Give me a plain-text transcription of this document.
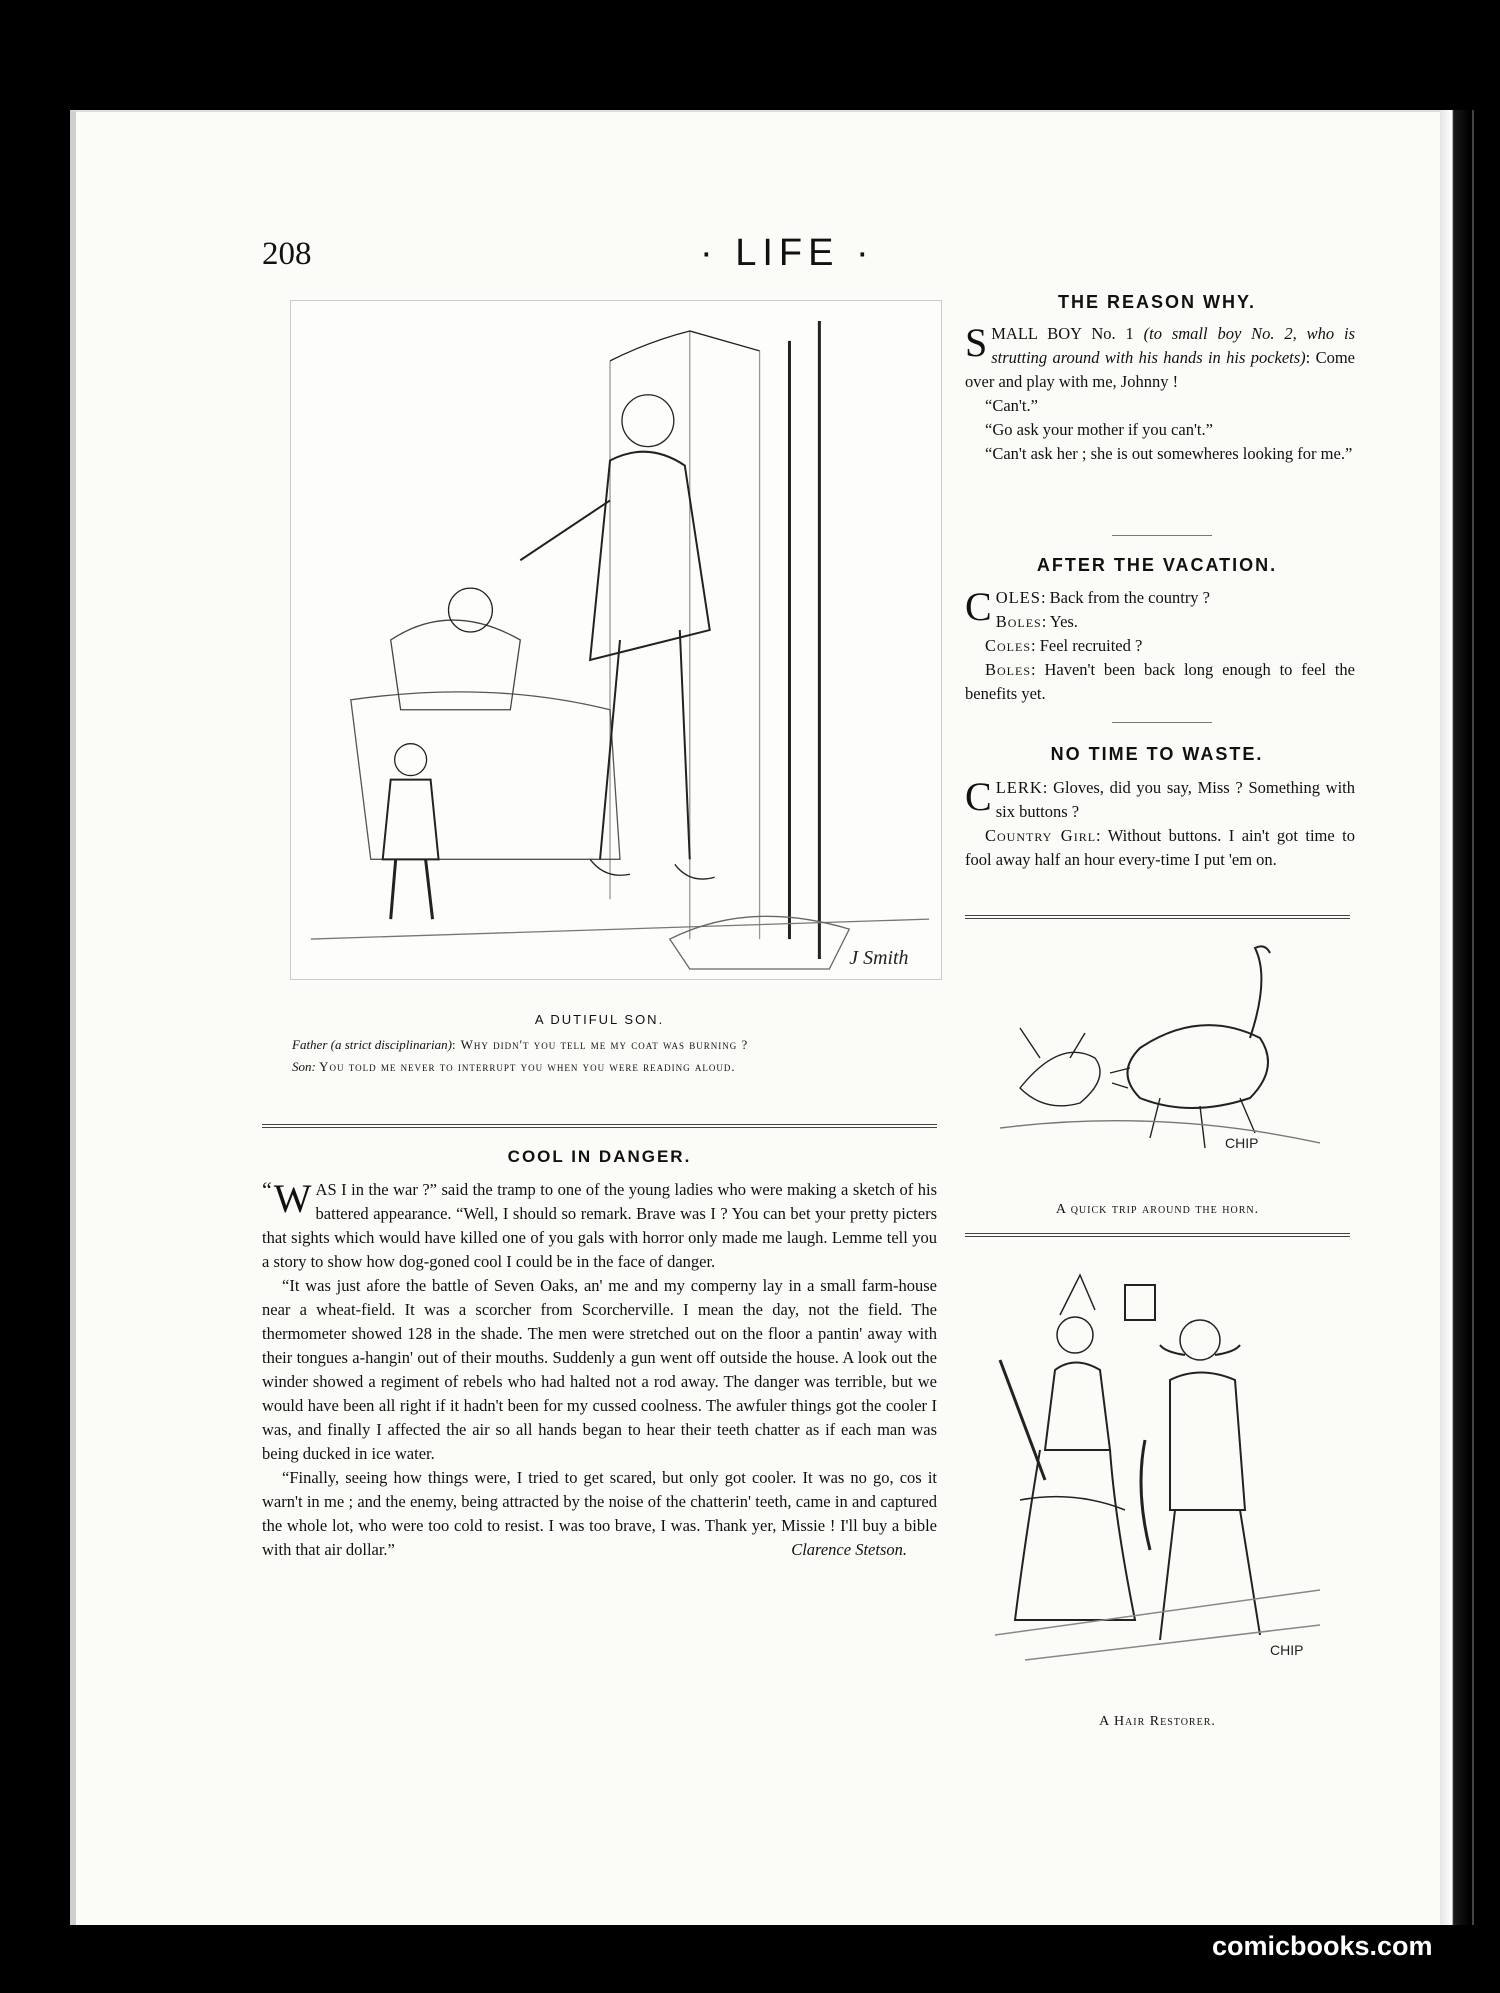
208	· LIFE ·
J Smith
A DUTIFUL SON.
Father (a strict disciplinarian): Why didn't you tell me my coat was burning ?
Son: You told me never to interrupt you when you were reading aloud.
COOL IN DANGER.

“ W AS I in the war ?” said the tramp to one of the young ladies who were making a sketch of his battered appearance. “Well, I should so remark. Brave was I ? You can bet your pretty picters that sights which would have killed one of you gals with horror only made me laugh. Lemme tell you a story to show how dog-goned cool I could be in the face of danger.

“It was just afore the battle of Seven Oaks, an' me and my comperny lay in a small farm-house near a wheat-field. It was a scorcher from Scorcherville. I mean the day, not the field. The thermometer showed 128 in the shade. The men were stretched out on the floor a pantin' away with their tongues a-hangin' out of their mouths. Suddenly a gun went off outside the house. A look out the winder showed a regiment of rebels who had halted not a rod away. The danger was terrible, but we would have been all right if it hadn't been for my cussed coolness. The awfuler things got the cooler I was, and finally I affected the air so all hands began to hear their teeth chatter as if each man was being ducked in ice water.

“Finally, seeing how things were, I tried to get scared, but only got cooler. It was no go, cos it warn't in me ; and the enemy, being attracted by the noise of the chatterin' teeth, came in and captured the whole lot, who were too cold to resist. I was too brave, I was. Thank yer, Missie ! I'll buy a bible with that air dollar.”	Clarence Stetson.

THE REASON WHY.

SMALL BOY No. 1 (to small boy No. 2, who is strutting around with his hands in his pockets): Come over and play with me, Johnny !

“Can't.”

“Go ask your mother if you can't.”

“Can't ask her ; she is out somewheres looking for me.”

AFTER THE VACATION.

COLES: Back from the country ?
Boles: Yes.

Coles: Feel recruited ?

Boles: Haven't been back long enough to feel the benefits yet.

NO TIME TO WASTE.

CLERK: Gloves, did you say, Miss ? Something with six buttons ?

Country Girl: Without buttons. I ain't got time to fool away half an hour every-time I put 'em on.

CHIP
A quick trip around the horn.
CHIP
A Hair Restorer.
comicbooks.com
